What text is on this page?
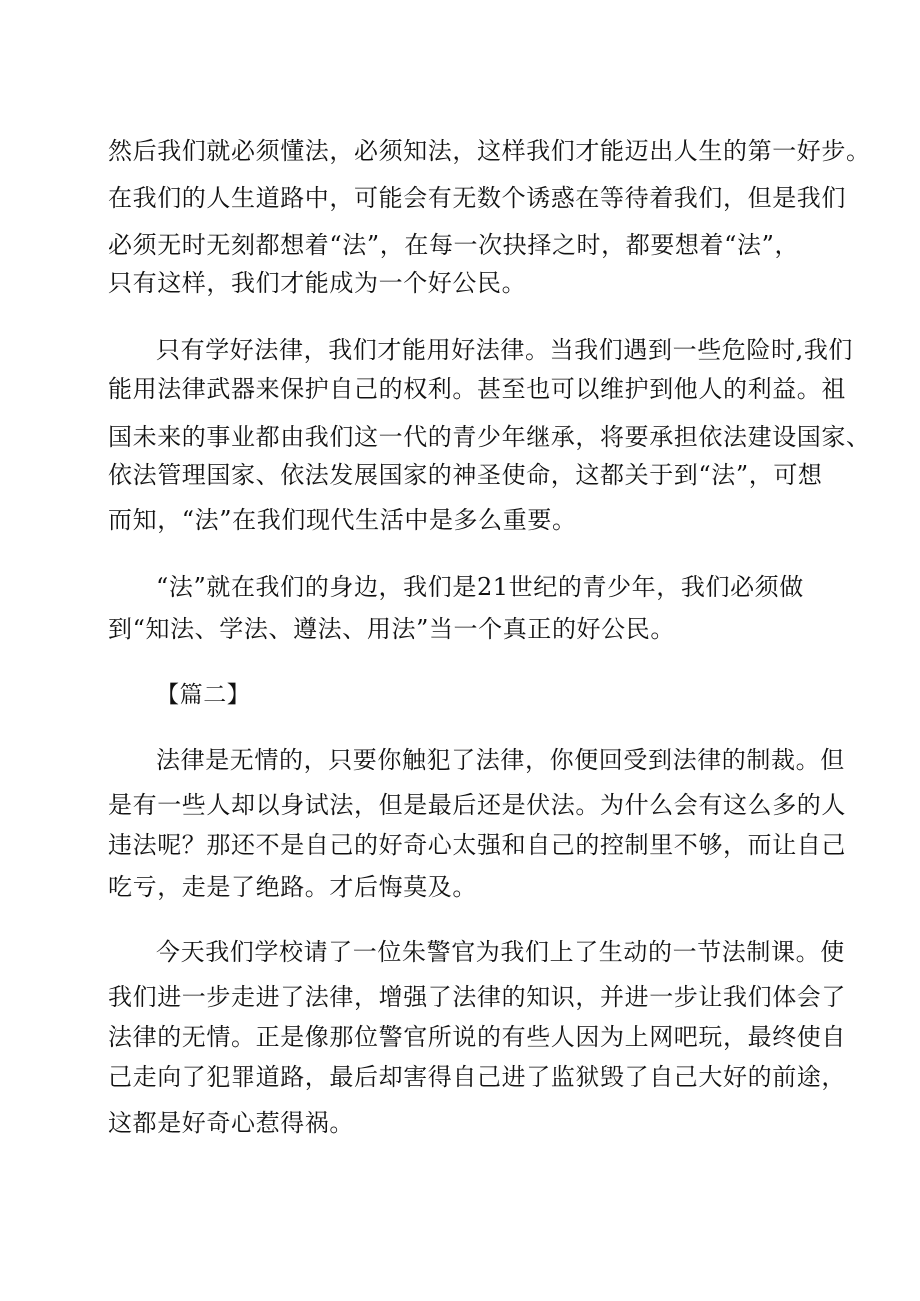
然后我们就必须懂法，必须知法，这样我们才能迈出人生的第一好步。
在我们的人生道路中，可能会有无数个诱惑在等待着我们，但是我们
必须无时无刻都想着“法”，在每一次抉择之时，都要想着“法”，
只有这样，我们才能成为一个好公民。
只有学好法律，我们才能用好法律。当我们遇到一些危险时,我们
能用法律武器来保护自己的权利。甚至也可以维护到他人的利益。祖
国未来的事业都由我们这一代的青少年继承，将要承担依法建设国家、
依法管理国家、依法发展国家的神圣使命，这都关于到“法”，可想
而知，“法”在我们现代生活中是多么重要。
“法”就在我们的身边，我们是21世纪的青少年，我们必须做
到“知法、学法、遵法、用法”当一个真正的好公民。
【篇二】
法律是无情的，只要你触犯了法律，你便回受到法律的制裁。但
是有一些人却以身试法，但是最后还是伏法。为什么会有这么多的人
违法呢？那还不是自己的好奇心太强和自己的控制里不够，而让自己
吃亏，走是了绝路。才后悔莫及。
今天我们学校请了一位朱警官为我们上了生动的一节法制课。使
我们进一步走进了法律，增强了法律的知识，并进一步让我们体会了
法律的无情。正是像那位警官所说的有些人因为上网吧玩，最终使自
己走向了犯罪道路，最后却害得自己进了监狱毁了自己大好的前途，
这都是好奇心惹得祸。
